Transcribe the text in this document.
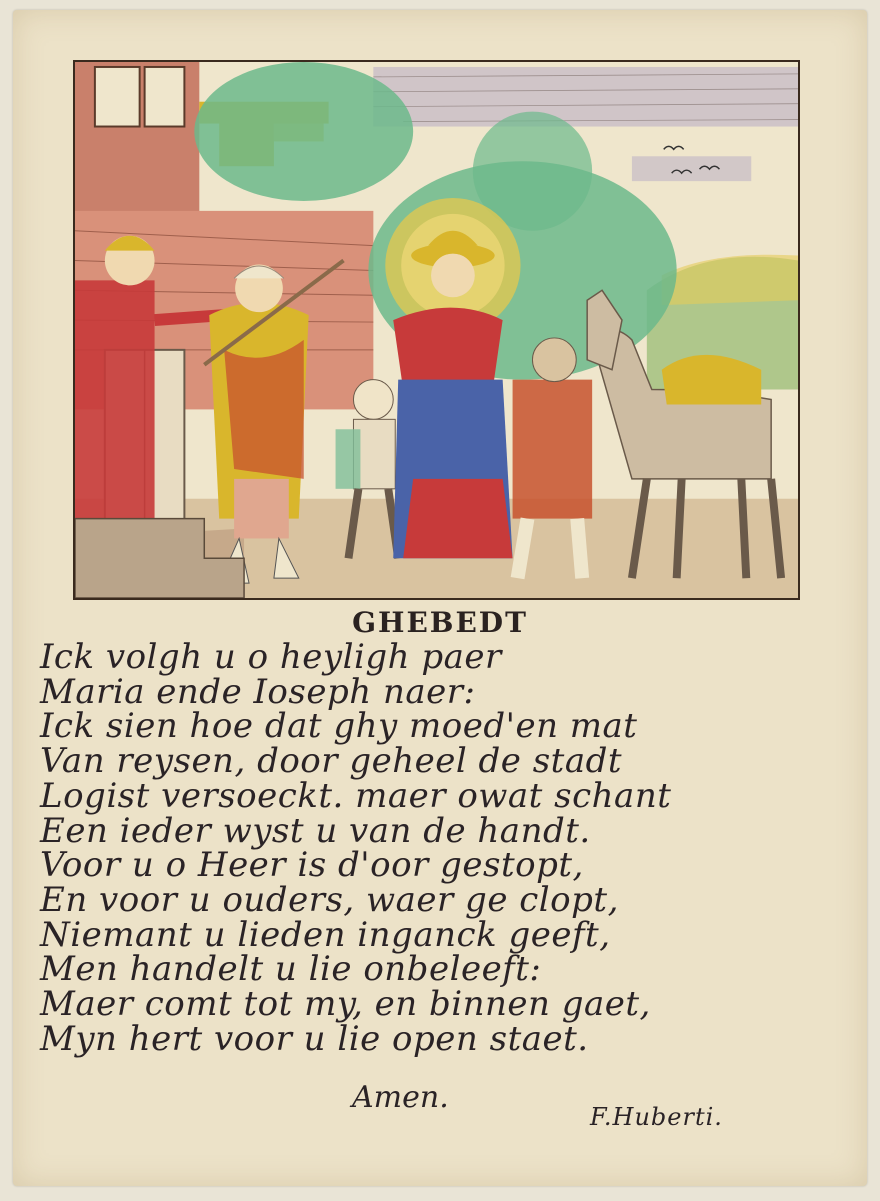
GHEBEDT
Ick volgh u o heyligh paer
Maria ende Ioseph naer:
Ick sien hoe dat ghy moed'en mat
Van reysen, door geheel de stadt
Logist versoeckt. maer owat schant
Een ieder wyst u van de handt.
Voor u o Heer is d'oor gestopt,
En voor u ouders, waer ge clopt,
Niemant u lieden inganck geeft,
Men handelt u lie onbeleeft:
Maer comt tot my, en binnen gaet,
Myn hert voor u lie open staet.
Amen.
F.Huberti.
